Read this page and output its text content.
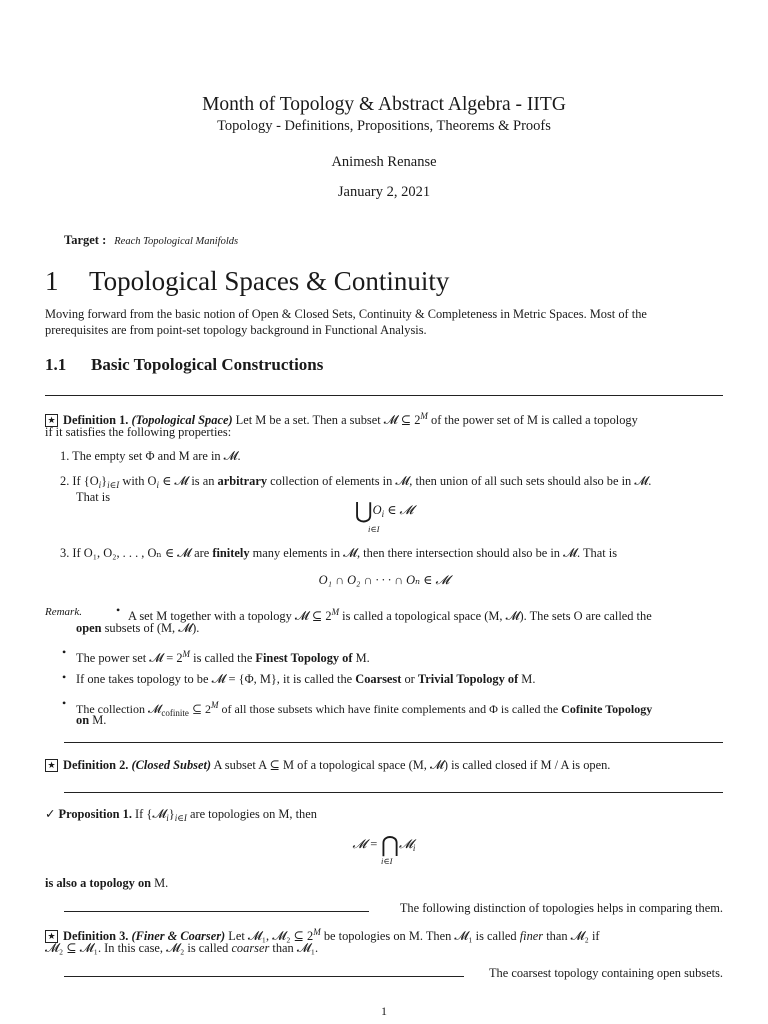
Month of Topology & Abstract Algebra - IITG
Topology - Definitions, Propositions, Theorems & Proofs
Animesh Renanse
January 2, 2021
Target : Reach Topological Manifolds
1 Topological Spaces & Continuity
Moving forward from the basic notion of Open & Closed Sets, Continuity & Completeness in Metric Spaces. Most of the
prerequisites are from point-set topology background in Functional Analysis.
1.1 Basic Topological Constructions
★ Definition 1. (Topological Space) Let M be a set. Then a subset 𝓜 ⊆ $2^M$ of the power set of M is called a topology
if it satisfies the following properties:
1. The empty set Φ and M are in 𝓜.
2. If $\{O_i\}_{i\in I}$ with $O_i$ ∈ 𝓜 is an arbitrary collection of elements in 𝓜, then union of all such sets should also be in 𝓜.
That is
$⋃O_i$ ∈ 𝓜
i∈I
3. If O₁, O₂, . . . , Oₙ ∈ 𝓜 are finitely many elements in 𝓜, then there intersection should also be in 𝓜. That is
O₁ ∩ O₂ ∩ · · · ∩ Oₙ ∈ 𝓜
Remark.	• A set M together with a topology 𝓜 ⊆ $2^M$ is called a topological space (M, 𝓜). The sets O are called the
open subsets of (M, 𝓜).
• The power set 𝓜 = $2^M$ is called the Finest Topology of M.
• If one takes topology to be 𝓜 = {Φ, M}, it is called the Coarsest or Trivial Topology of M.
• The collection 𝓜$_{cofinite}$ ⊆ $2^M$ of all those subsets which have finite complements and Φ is called the Cofinite Topology
on M.
★ Definition 2. (Closed Subset) A subset A ⊆ M of a topological space (M, 𝓜) is called closed if M / A is open.
✓ Proposition 1. If $\{𝓜_i\}_{i\in I}$ are topologies on M, then
𝓜 = ⋂𝓜$_i$
i∈I
is also a topology on M.
The following distinction of topologies helps in comparing them.
★ Definition 3. (Finer & Coarser) Let 𝓜₁, 𝓜₂ ⊆ $2^M$ be topologies on M. Then 𝓜₁ is called finer than 𝓜₂ if
𝓜₂ ⊆ 𝓜₁. In this case, 𝓜₂ is called coarser than 𝓜₁.
The coarsest topology containing open subsets.
1
